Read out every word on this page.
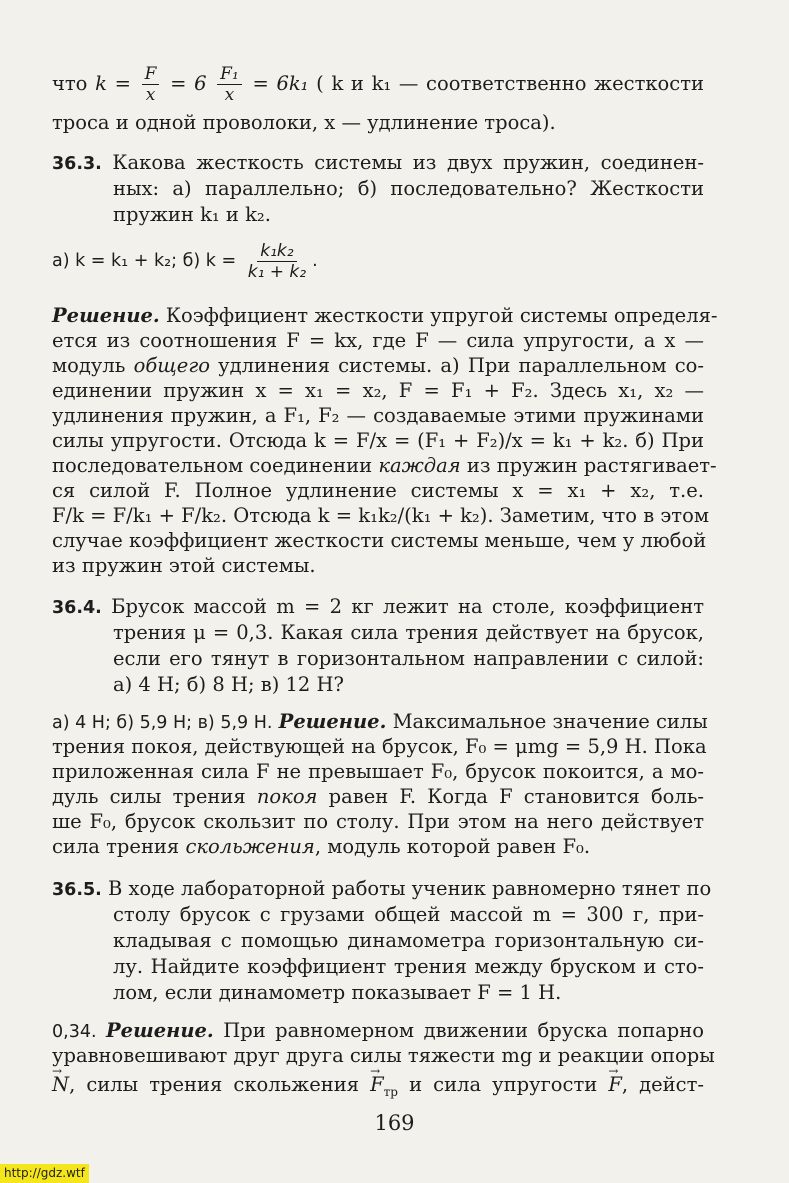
что $k = \frac{F}{x} = 6 \frac{\text{F₁}}{x} = 6k_1$ ( k и k₁ — соответственно жесткости
троса и одной проволоки, x — удлинение троса).
36.3. Какова жесткость системы из двух пружин, соединен-
ных: а) параллельно; б) последовательно? Жесткости
пружин k₁ и k₂.
а) k = k₁ + k₂; б) $k = \frac{\text{k₁k₂}}{\text{k₁ + k₂}}$ .
Решение. Коэффициент жесткости упругой системы определя-
ется из соотношения F = kx, где F — сила упругости, а x —
модуль общего удлинения системы. а) При параллельном со-
единении пружин x = x₁ = x₂, F = F₁ + F₂. Здесь x₁, x₂ —
удлинения пружин, а F₁, F₂ — создаваемые этими пружинами
силы упругости. Отсюда k = F/x = (F₁ + F₂)/x = k₁ + k₂. б) При
последовательном соединении каждая из пружин растягивает-
ся силой F. Полное удлинение системы x = x₁ + x₂, т.е.
F/k = F/k₁ + F/k₂. Отсюда k = k₁k₂/(k₁ + k₂). Заметим, что в этом
случае коэффициент жесткости системы меньше, чем у любой
из пружин этой системы.
36.4. Брусок массой m = 2 кг лежит на столе, коэффициент
трения μ = 0,3. Какая сила трения действует на брусок,
если его тянут в горизонтальном направлении с силой:
а) 4 Н; б) 8 Н; в) 12 Н?
а) 4 Н; б) 5,9 Н; в) 5,9 Н. Решение. Максимальное значение силы
трения покоя, действующей на брусок, F₀ = μmg = 5,9 Н. Пока
приложенная сила F не превышает F₀, брусок покоится, а мо-
дуль силы трения покоя равен F. Когда F становится боль-
ше F₀, брусок скользит по столу. При этом на него действует
сила трения скольжения, модуль которой равен F₀.
36.5. В ходе лабораторной работы ученик равномерно тянет по
столу брусок с грузами общей массой m = 300 г, при-
кладывая с помощью динамометра горизонтальную си-
лу. Найдите коэффициент трения между бруском и сто-
лом, если динамометр показывает F = 1 Н.
0,34. Решение. При равномерном движении бруска попарно
уравновешивают друг друга силы тяжести mg и реакции опоры
→ N, силы трения скольжения → $F_{тр}$ и сила упругости → F, дейст-
169
http://gdz.wtf
